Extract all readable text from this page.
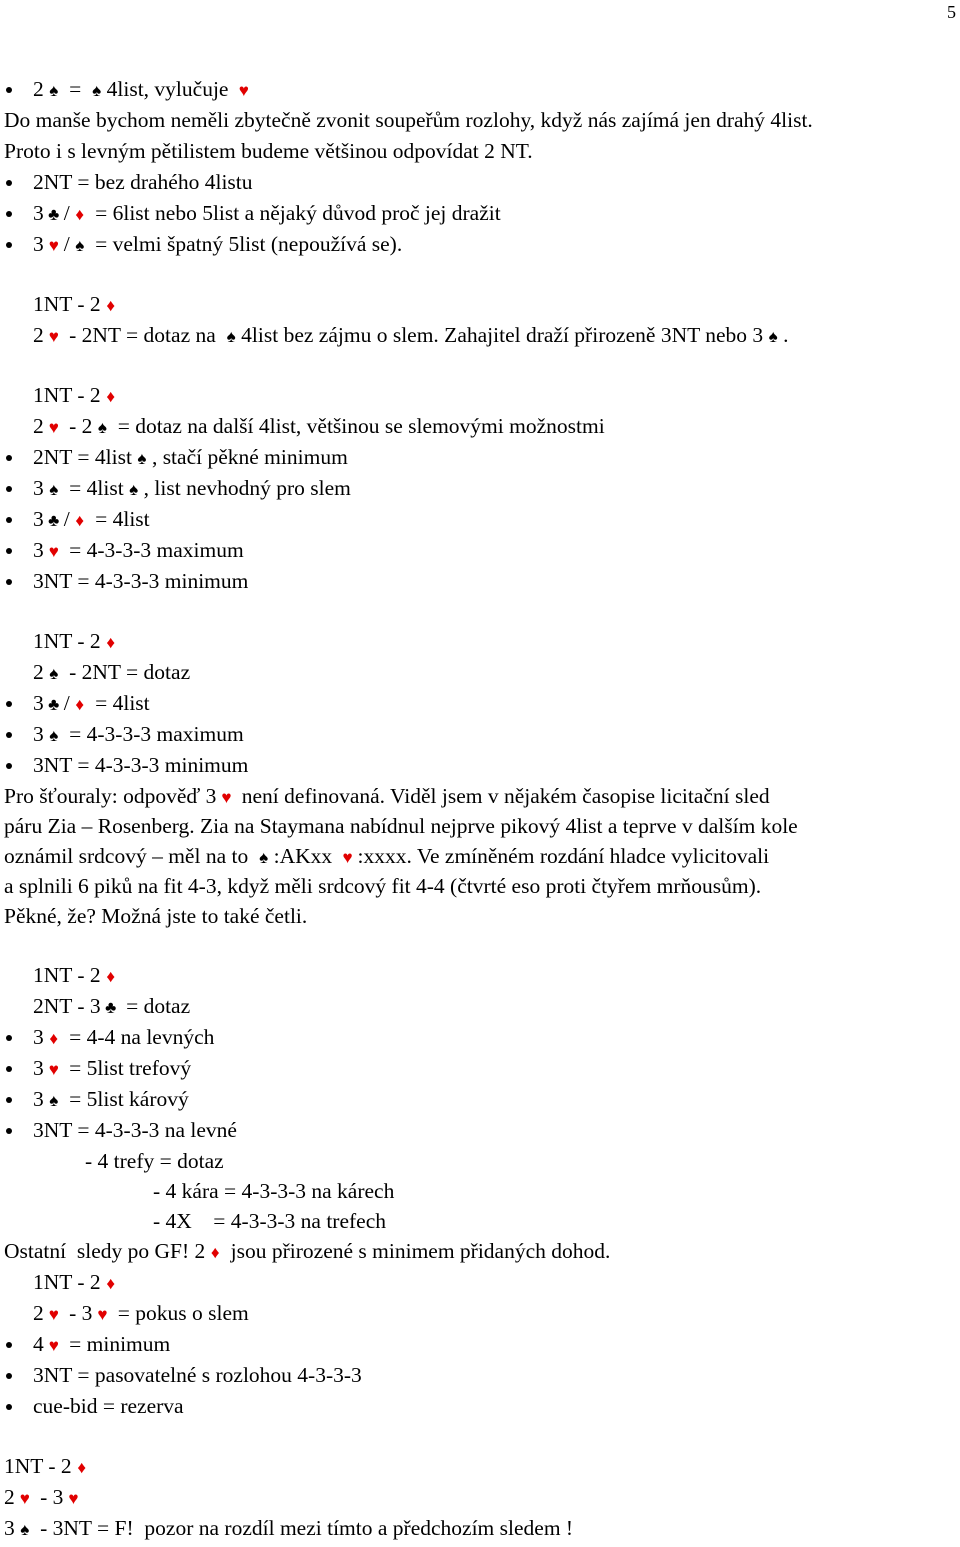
5
2 ♠ = ♠ 4list, vylučuje ♥
Do manše bychom neměli zbytečně zvonit soupeřům rozlohy, když nás zajímá jen drahý 4list.
Proto i s levným pětilistem budeme většinou odpovídat 2 NT.
2NT = bez drahého 4listu
3 ♣ / ♦ = 6list nebo 5list a nějaký důvod proč jej dražit
3 ♥ / ♠ = velmi špatný 5list (nepoužívá se).
1NT - 2 ♦
2 ♥ - 2NT = dotaz na ♠ 4list bez zájmu o slem. Zahajitel draží přirozeně 3NT nebo 3 ♠ .
1NT - 2 ♦
2 ♥ - 2 ♠ = dotaz na další 4list, většinou se slemovými možnostmi
2NT = 4list ♠ , stačí pěkné minimum
3 ♠ = 4list ♠ , list nevhodný pro slem
3 ♣ / ♦ = 4list
3 ♥ = 4-3-3-3 maximum
3NT = 4-3-3-3 minimum
1NT - 2 ♦
2 ♠ - 2NT = dotaz
3 ♣ / ♦ = 4list
3 ♠ = 4-3-3-3 maximum
3NT = 4-3-3-3 minimum
Pro šťouraly: odpověď 3 ♥ není definovaná. Viděl jsem v nějakém časopise licitační sled
páru Zia – Rosenberg. Zia na Staymana nabídnul nejprve pikový 4list a teprve v dalším kole
oznámil srdcový – měl na to ♠ :AKxx ♥ :xxxx. Ve zmíněném rozdání hladce vylicitovali
a splnili 6 piků na fit 4-3, když měli srdcový fit 4-4 (čtvrté eso proti čtyřem mrňousům).
Pěkné, že? Možná jste to také četli.
1NT - 2 ♦
2NT - 3 ♣ = dotaz
3 ♦ = 4-4 na levných
3 ♥ = 5list trefový
3 ♠ = 5list kárový
3NT = 4-3-3-3 na levné
- 4 trefy = dotaz
- 4 kára = 4-3-3-3 na kárech
- 4X    = 4-3-3-3 na trefech
Ostatní  sledy po GF! 2 ♦ jsou přirozené s minimem přidaných dohod.
1NT - 2 ♦
2 ♥ - 3 ♥ = pokus o slem
4 ♥ = minimum
3NT = pasovatelné s rozlohou 4-3-3-3
cue-bid = rezerva
1NT - 2 ♦
2 ♥ - 3 ♥
3 ♠ - 3NT = F!  pozor na rozdíl mezi tímto a předchozím sledem !
